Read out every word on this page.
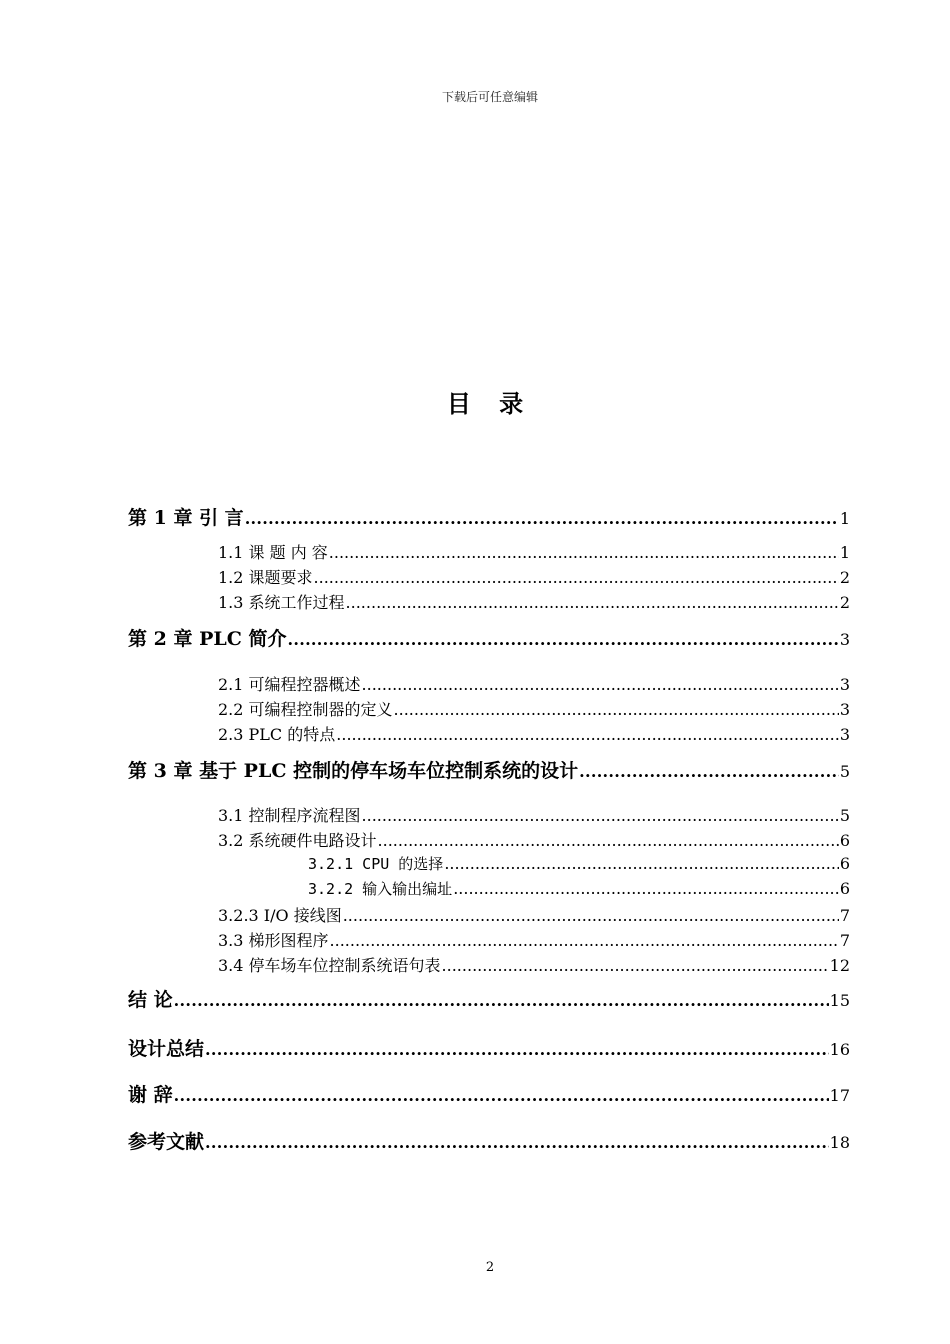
下载后可任意编辑
目 录
第 1 章 引 言 .....	1
1.1 课 题 内 容 .....	1
1.2 课题要求 .....	2
1.3 系统工作过程 .....	2
第 2 章 PLC 简介 .....	3
2.1 可编程控器概述 .....	3
2.2 可编程控制器的定义 .....	3
2.3 PLC 的特点 .....	3
第 3 章 基于 PLC 控制的停车场车位控制系统的设计 .....	5
3.1 控制程序流程图 .....	5
3.2 系统硬件电路设计 .....	6
3.2.1 CPU 的选择 .....	6
3.2.2 输入输出编址 .....	6
3.2.3 I/O 接线图 .....	7
3.3 梯形图程序 .....	7
3.4 停车场车位控制系统语句表 .....	12
结 论 .....	15
设计总结 .....	16
谢 辞 .....	17
参考文献 .....	18
2
